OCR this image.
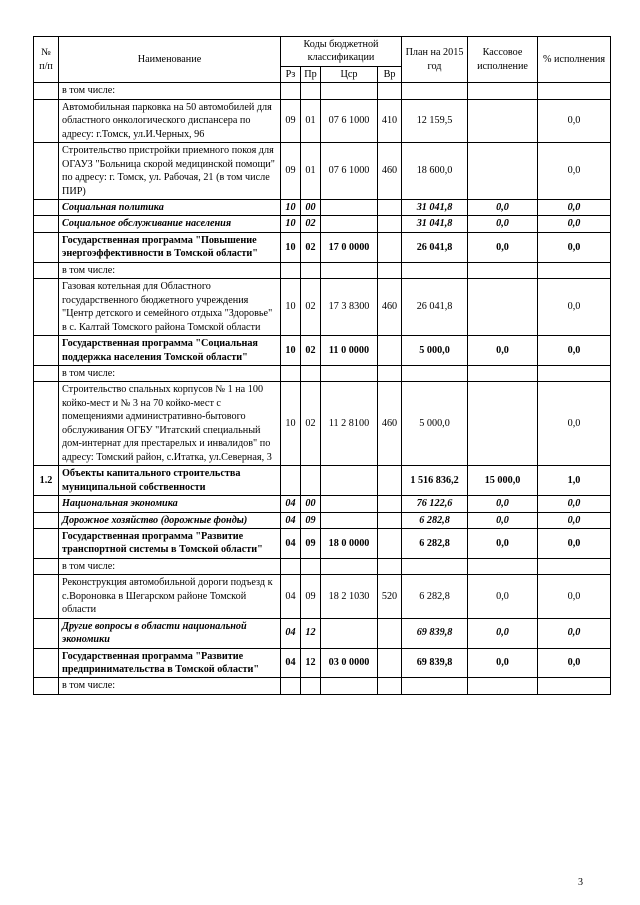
№ п/п	Наименование	Коды бюджетной классификации				План на 2015 год	Кассовое исполнение	% исполнения
		Рз	Пр	Цср	Вр			
	в том числе:							
	Автомобильная парковка на 50 автомобилей для областного онкологического диспансера по адресу: г.Томск, ул.И.Черных, 96	09	01	07 6 1000	410	12 159,5		0,0
	Строительство пристройки приемного покоя для ОГАУЗ "Больница скорой медицинской помощи" по адресу: г. Томск, ул. Рабочая, 21 (в том числе ПИР)	09	01	07 6 1000	460	18 600,0		0,0
	Социальная политика	10	00			31 041,8	0,0	0,0
	Социальное обслуживание населения	10	02			31 041,8	0,0	0,0
	Государственная программа "Повышение энергоэффективности в Томской области"	10	02	17 0 0000		26 041,8	0,0	0,0
	в том числе:							
	Газовая котельная для Областного государственного бюджетного учреждения "Центр детского и семейного отдыха "Здоровье" в с. Калтай Томского района Томской области	10	02	17 3 8300	460	26 041,8		0,0
	Государственная программа "Социальная поддержка населения Томской области"	10	02	11 0 0000		5 000,0	0,0	0,0
	в том числе:							
	Строительство спальных корпусов № 1 на 100 койко-мест и № 3 на 70 койко-мест с помещениями административно-бытового обслуживания ОГБУ "Итатский специальный дом-интернат для престарелых и инвалидов" по адресу: Томский район, с.Итатка, ул.Северная, 3	10	02	11 2 8100	460	5 000,0		0,0
1.2	Объекты капитального строительства муниципальной собственности					1 516 836,2	15 000,0	1,0
	Национальная экономика	04	00			76 122,6	0,0	0,0
	Дорожное хозяйство (дорожные фонды)	04	09			6 282,8	0,0	0,0
	Государственная программа "Развитие транспортной системы в Томской области"	04	09	18 0 0000		6 282,8	0,0	0,0
	в том числе:							
	Реконструкция автомобильной дороги подъезд к с.Вороновка в Шегарском районе Томской области	04	09	18 2 1030	520	6 282,8	0,0	0,0
	Другие вопросы в области национальной экономики	04	12			69 839,8	0,0	0,0
	Государственная программа "Развитие предпринимательства в Томской области"	04	12	03 0 0000		69 839,8	0,0	0,0
	в том числе:							
3
